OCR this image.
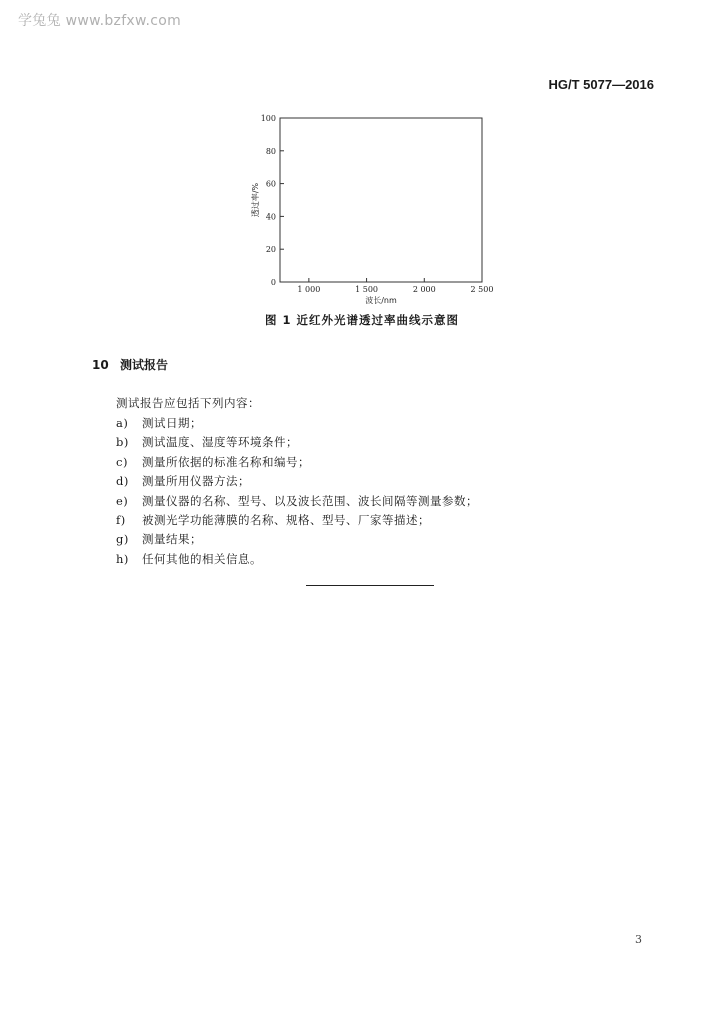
学兔兔 www.bzfxw.com
HG/T 5077—2016
0
20
40
60
80
100
1 000	1 500	2 000	2 500
波长/nm
透过率/%
图 1 近红外光谱透过率曲线示意图
10 测试报告
测试报告应包括下列内容：
a) 测试日期；
b) 测试温度、湿度等环境条件；
c) 测量所依据的标准名称和编号；
d) 测量所用仪器方法；
e) 测量仪器的名称、型号、以及波长范围、波长间隔等测量参数；
f) 被测光学功能薄膜的名称、规格、型号、厂家等描述；
g) 测量结果；
h) 任何其他的相关信息。
3
